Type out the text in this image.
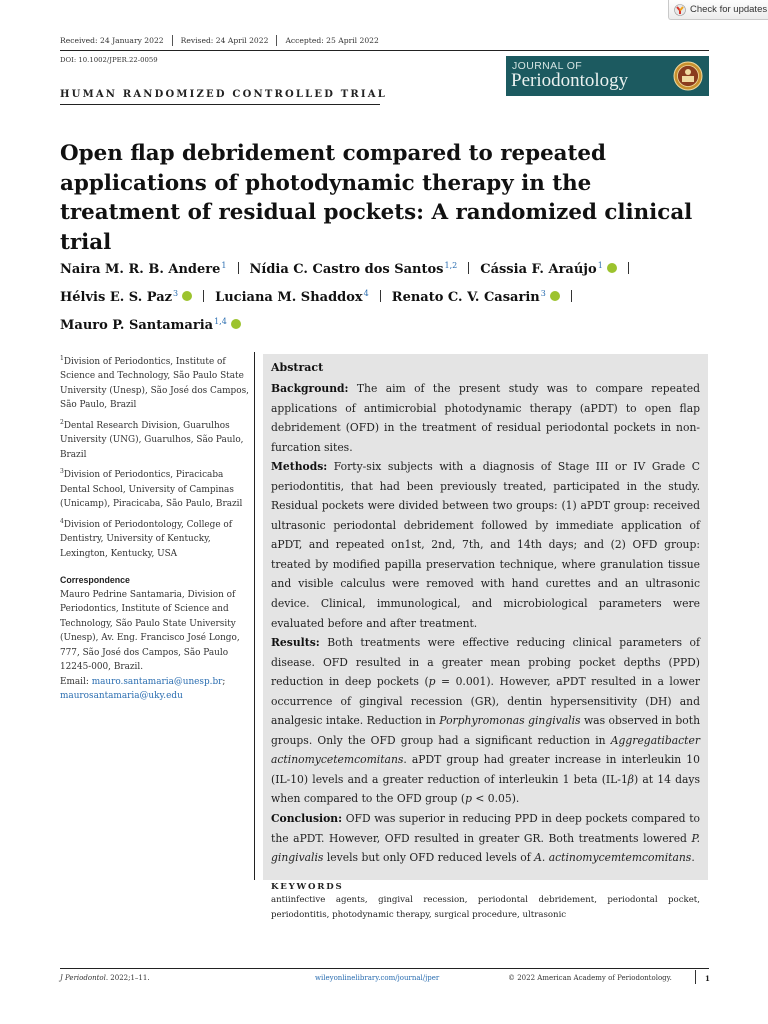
Check for updates
Received: 24 January 2022	Revised: 24 April 2022	Accepted: 25 April 2022
DOI: 10.1002/JPER.22-0059
HUMAN RANDOMIZED CONTROLLED TRIAL
JOURNAL OF
Periodontology
Open flap debridement compared to repeated applications of photodynamic therapy in the treatment of residual pockets: A randomized clinical trial
Naira M. R. B. Andere$^1$ Nídia C. Castro dos Santos$^{1,2}$ Cássia F. Araújo$^1$iD
Hélvis E. S. Paz$^3$iD	Luciana M. Shaddox$^4$ Renato C. V. Casarin$^3$iD
Mauro P. Santamaria$^{1,4}$iD
$^1$Division of Periodontics, Institute of Science and Technology, São Paulo State University (Unesp), São José dos Campos, São Paulo, Brazil
$^2$Dental Research Division, Guarulhos University (UNG), Guarulhos, São Paulo, Brazil
$^3$Division of Periodontics, Piracicaba Dental School, University of Campinas (Unicamp), Piracicaba, São Paulo, Brazil
$^4$Division of Periodontology, College of Dentistry, University of Kentucky, Lexington, Kentucky, USA
Correspondence
Mauro Pedrine Santamaria, Division of Periodontics, Institute of Science and Technology, São Paulo State University (Unesp), Av. Eng. Francisco José Longo, 777, São José dos Campos, São Paulo 12245-000, Brazil.
Email: mauro.santamaria@unesp.br;
maurosantamaria@uky.edu
Abstract

Background: The aim of the present study was to compare repeated applications of antimicrobial photodynamic therapy (aPDT) to open flap debridement (OFD) in the treatment of residual periodontal pockets in non-furcation sites.

Methods: Forty-six subjects with a diagnosis of Stage III or IV Grade C periodontitis, that had been previously treated, participated in the study. Residual pockets were divided between two groups: (1) aPDT group: received ultrasonic periodontal debridement followed by immediate application of aPDT, and repeated on1st, 2nd, 7th, and 14th days; and (2) OFD group: treated by modified papilla preservation technique, where granulation tissue and visible calculus were removed with hand curettes and an ultrasonic device. Clinical, immunological, and microbiological parameters were evaluated before and after treatment.

Results: Both treatments were effective reducing clinical parameters of disease. OFD resulted in a greater mean probing pocket depths (PPD) reduction in deep pockets (p = 0.001). However, aPDT resulted in a lower occurrence of gingival recession (GR), dentin hypersensitivity (DH) and analgesic intake. Reduction in Porphyromonas gingivalis was observed in both groups. Only the OFD group had a significant reduction in Aggregatibacter actinomycetemcomitans. aPDT group had greater increase in interleukin 10 (IL-10) levels and a greater reduction of interleukin 1 beta (IL-1β) at 14 days when compared to the OFD group (p < 0.05).

Conclusion: OFD was superior in reducing PPD in deep pockets compared to the aPDT. However, OFD resulted in greater GR. Both treatments lowered P. gingivalis levels but only OFD reduced levels of A. actinomycemtemcomitans.

KEYWORDS
antiinfective agents, gingival recession, periodontal debridement, periodontal pocket, periodontitis, photodynamic therapy, surgical procedure, ultrasonic
J Periodontol. 2022;1–11.	wileyonlinelibrary.com/journal/jper	© 2022 American Academy of Periodontology.	1
